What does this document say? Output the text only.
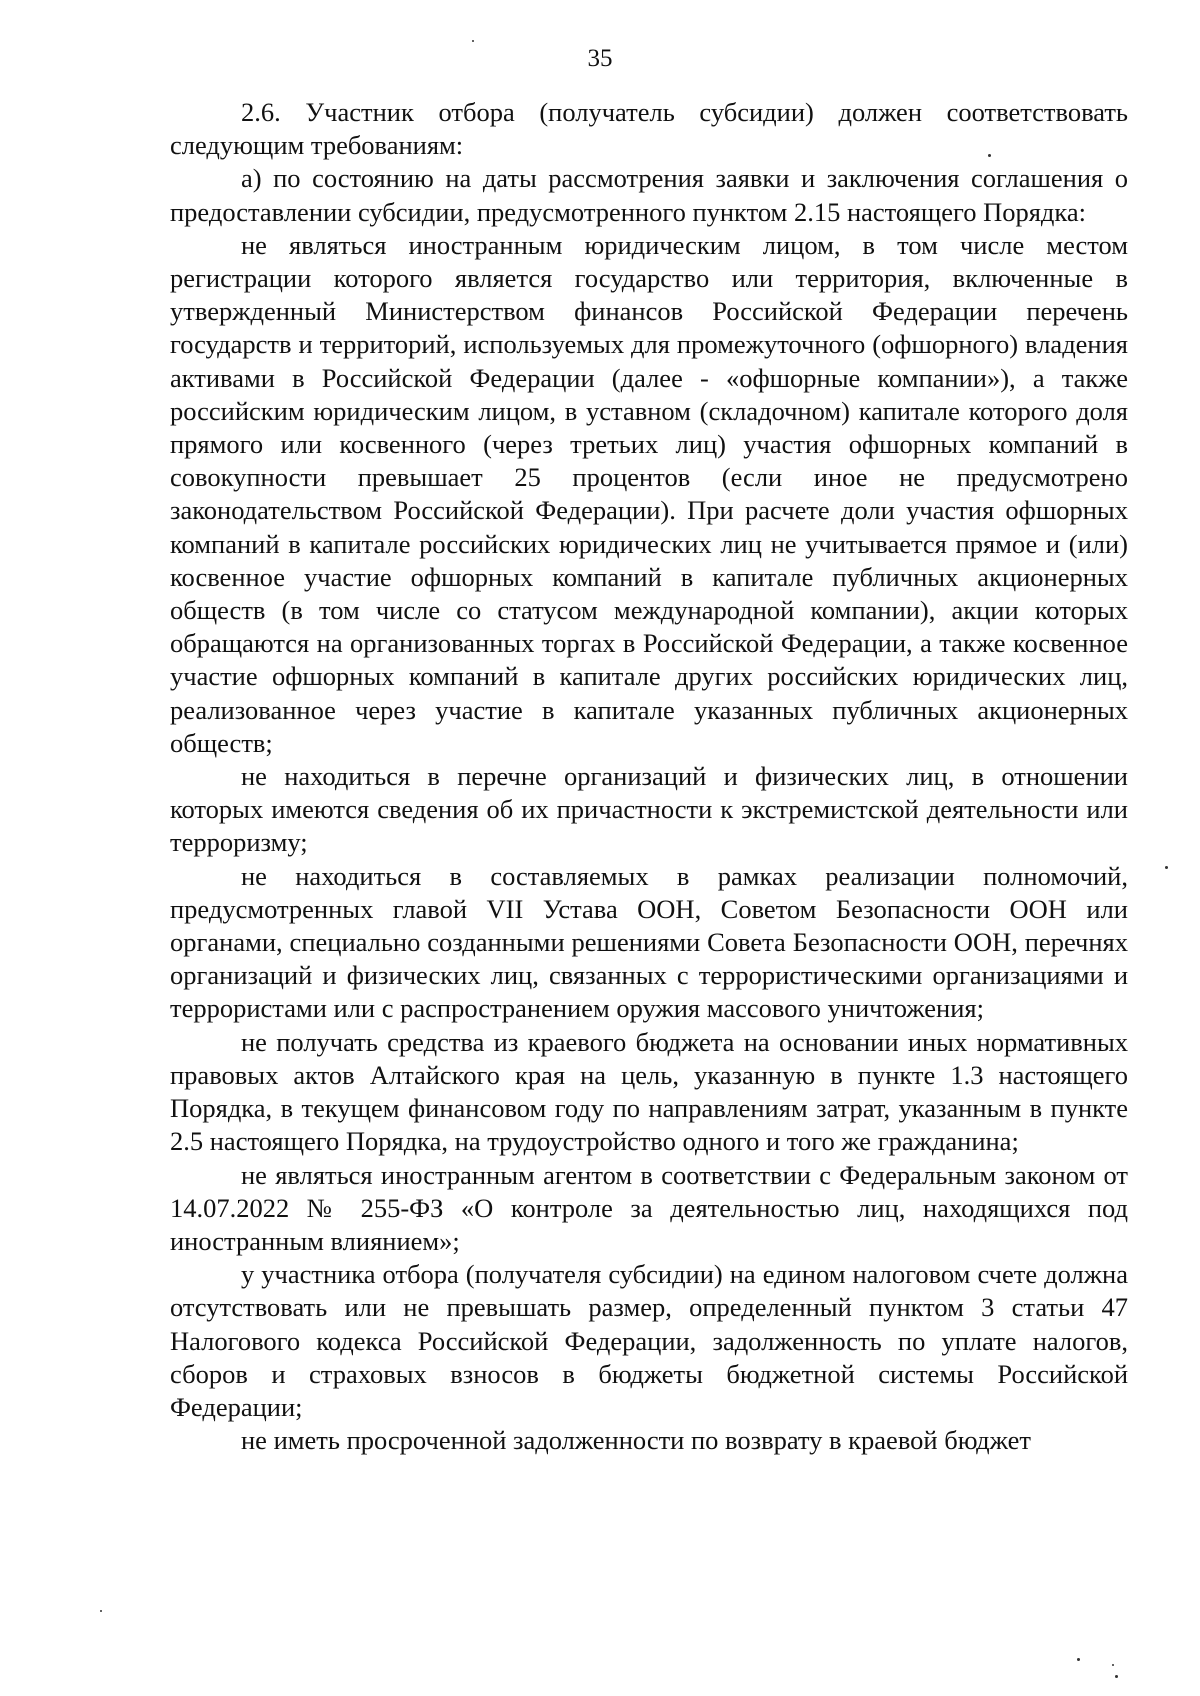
35

2.6. Участник отбора (получатель субсидии) должен соответствовать следующим требованиям:

а) по состоянию на даты рассмотрения заявки и заключения соглашения о предоставлении субсидии, предусмотренного пунктом 2.15 настоящего Порядка:

не являться иностранным юридическим лицом, в том числе местом регистрации которого является государство или территория, включенные в утвержденный Министерством финансов Российской Федерации перечень государств и территорий, используемых для промежуточного (офшорного) владения активами в Российской Федерации (далее - «офшорные компании»), а также российским юридическим лицом, в уставном (складочном) капитале которого доля прямого или косвенного (через третьих лиц) участия офшорных компаний в совокупности превышает 25 процентов (если иное не предусмотрено законодательством Российской Федерации). При расчете доли участия офшорных компаний в капитале российских юридических лиц не учитывается прямое и (или) косвенное участие офшорных компаний в капитале публичных акционерных обществ (в том числе со статусом международной компании), акции которых обращаются на организованных торгах в Российской Федерации, а также косвенное участие офшорных компаний в капитале других российских юридических лиц, реализованное через участие в капитале указанных публичных акционерных обществ;

не находиться в перечне организаций и физических лиц, в отношении которых имеются сведения об их причастности к экстремистской деятельности или терроризму;

не находиться в составляемых в рамках реализации полномочий, предусмотренных главой VII Устава ООН, Советом Безопасности ООН или органами, специально созданными решениями Совета Безопасности ООН, перечнях организаций и физических лиц, связанных с террористическими организациями и террористами или с распространением оружия массового уничтожения;

не получать средства из краевого бюджета на основании иных нормативных правовых актов Алтайского края на цель, указанную в пункте 1.3 настоящего Порядка, в текущем финансовом году по направлениям затрат, указанным в пункте 2.5 настоящего Порядка, на трудоустройство одного и того же гражданина;

не являться иностранным агентом в соответствии с Федеральным законом от 14.07.2022 № 255-ФЗ «О контроле за деятельностью лиц, находящихся под иностранным влиянием»;

у участника отбора (получателя субсидии) на едином налоговом счете должна отсутствовать или не превышать размер, определенный пунктом 3 статьи 47 Налогового кодекса Российской Федерации, задолженность по уплате налогов, сборов и страховых взносов в бюджеты бюджетной системы Российской Федерации;

не иметь просроченной задолженности по возврату в краевой бюджет
